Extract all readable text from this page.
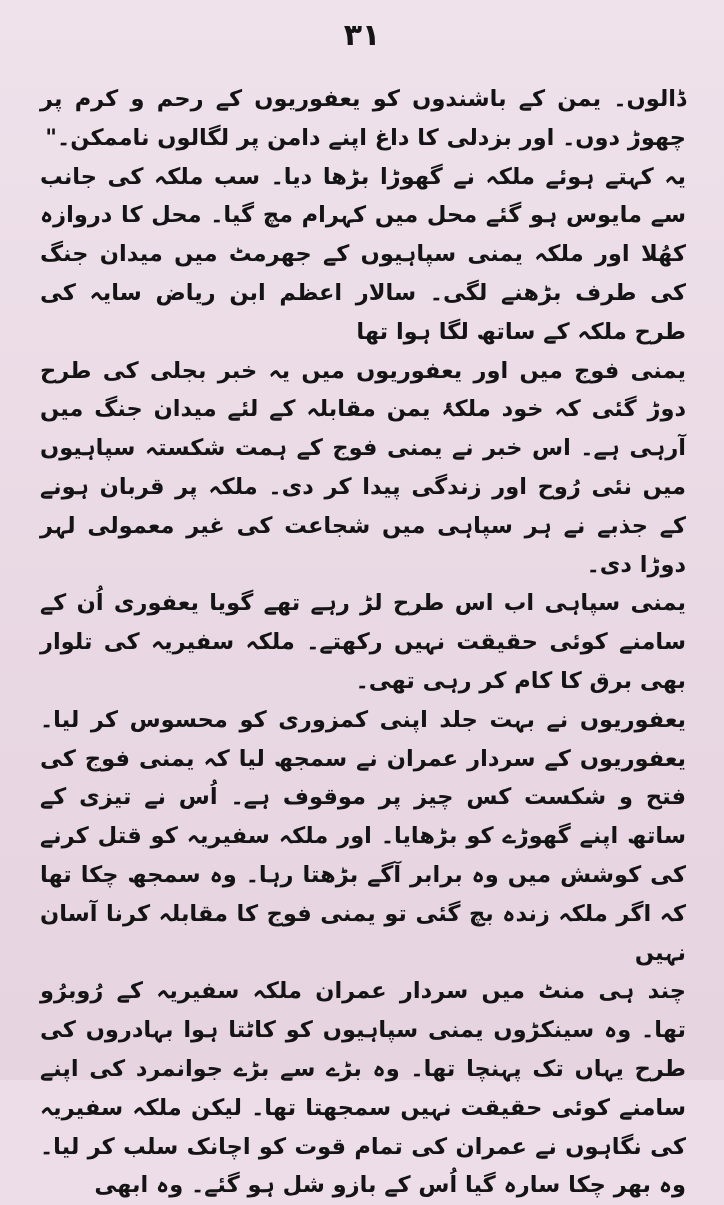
۳۱

ڈالوں۔ یمن کے باشندوں کو یعفوریوں کے رحم و کرم پر چھوڑ دوں۔ اور بزدلی کا داغ اپنے دامن پر لگالوں ناممکن۔"

یہ کہتے ہوئے ملکہ نے گھوڑا بڑھا دیا۔ سب ملکہ کی جانب سے مایوس ہو گئے محل میں کہرام مچ گیا۔ محل کا دروازہ کھُلا اور ملکہ یمنی سپاہیوں کے جھرمٹ میں میدان جنگ کی طرف بڑھنے لگی۔ سالار اعظم ابن ریاض سایہ کی طرح ملکہ کے ساتھ لگا ہوا تھا

یمنی فوج میں اور یعفوریوں میں یہ خبر بجلی کی طرح دوڑ گئی کہ خود ملکۂ یمن مقابلہ کے لئے میدان جنگ میں آرہی ہے۔ اس خبر نے یمنی فوج کے ہمت شکستہ سپاہیوں میں نئی رُوح اور زندگی پیدا کر دی۔ ملکہ پر قربان ہونے کے جذبے نے ہر سپاہی میں شجاعت کی غیر معمولی لہر دوڑا دی۔

یمنی سپاہی اب اس طرح لڑ رہے تھے گویا یعفوری اُن کے سامنے کوئی حقیقت نہیں رکھتے۔ ملکہ سفیریہ کی تلوار بھی برق کا کام کر رہی تھی۔

یعفوریوں نے بہت جلد اپنی کمزوری کو محسوس کر لیا۔ یعفوریوں کے سردار عمران نے سمجھ لیا کہ یمنی فوج کی فتح و شکست کس چیز پر موقوف ہے۔ اُس نے تیزی کے ساتھ اپنے گھوڑے کو بڑھایا۔ اور ملکہ سفیریہ کو قتل کرنے کی کوشش میں وہ برابر آگے بڑھتا رہا۔ وہ سمجھ چکا تھا کہ اگر ملکہ زندہ بچ گئی تو یمنی فوج کا مقابلہ کرنا آسان نہیں

چند ہی منٹ میں سردار عمران ملکہ سفیریہ کے رُوبرُو تھا۔ وہ سینکڑوں یمنی سپاہیوں کو کاٹتا ہوا بہادروں کی طرح یہاں تک پہنچا تھا۔ وہ بڑے سے بڑے جوانمرد کی اپنے سامنے کوئی حقیقت نہیں سمجھتا تھا۔ لیکن ملکہ سفیریہ کی نگاہوں نے عمران کی تمام قوت کو اچانک سلب کر لیا۔ وہ بھر چکا سارہ گیا اُس کے بازو شل ہو گئے۔ وہ ابھی
